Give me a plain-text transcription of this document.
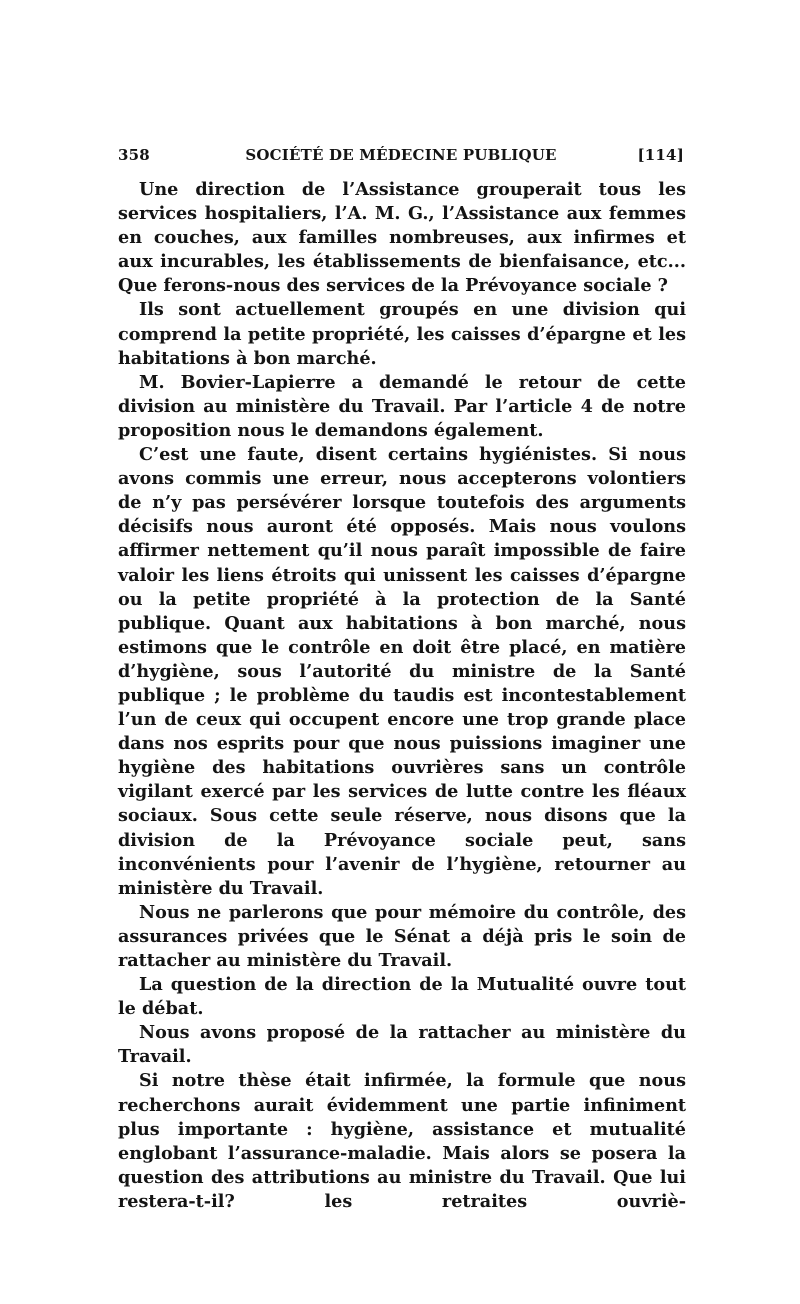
358	SOCIÉTÉ DE MÉDECINE PUBLIQUE	[114]

Une direction de l’Assistance grouperait tous les services hospitaliers, l’A. M. G., l’Assistance aux femmes en couches, aux familles nombreuses, aux infirmes et aux incurables, les établissements de bienfaisance, etc... Que ferons-nous des services de la Prévoyance sociale ?

Ils sont actuellement groupés en une division qui comprend la petite propriété, les caisses d’épargne et les habitations à bon marché.

M. Bovier-Lapierre a demandé le retour de cette division au ministère du Travail. Par l’article 4 de notre proposition nous le demandons également.

C’est une faute, disent certains hygiénistes. Si nous avons commis une erreur, nous accepterons volontiers de n’y pas persévérer lorsque toutefois des arguments décisifs nous auront été opposés. Mais nous voulons affirmer nettement qu’il nous paraît impossible de faire valoir les liens étroits qui unissent les caisses d’épargne ou la petite propriété à la protection de la Santé publique. Quant aux habitations à bon marché, nous estimons que le contrôle en doit être placé, en matière d’hygiène, sous l’autorité du ministre de la Santé publique ; le problème du taudis est incontestablement l’un de ceux qui occupent encore une trop grande place dans nos esprits pour que nous puissions imaginer une hygiène des habitations ouvrières sans un contrôle vigilant exercé par les services de lutte contre les fléaux sociaux. Sous cette seule réserve, nous disons que la division de la Prévoyance sociale peut, sans inconvénients pour l’avenir de l’hygiène, retourner au ministère du Travail.

Nous ne parlerons que pour mémoire du contrôle, des assurances privées que le Sénat a déjà pris le soin de rattacher au ministère du Travail.

La question de la direction de la Mutualité ouvre tout le débat.

Nous avons proposé de la rattacher au ministère du Travail.

Si notre thèse était infirmée, la formule que nous recherchons aurait évidemment une partie infiniment plus importante : hygiène, assistance et mutualité englobant l’assurance-maladie. Mais alors se posera la question des attributions au ministre du Travail. Que lui restera-t-il? les retraites ouvriè-
